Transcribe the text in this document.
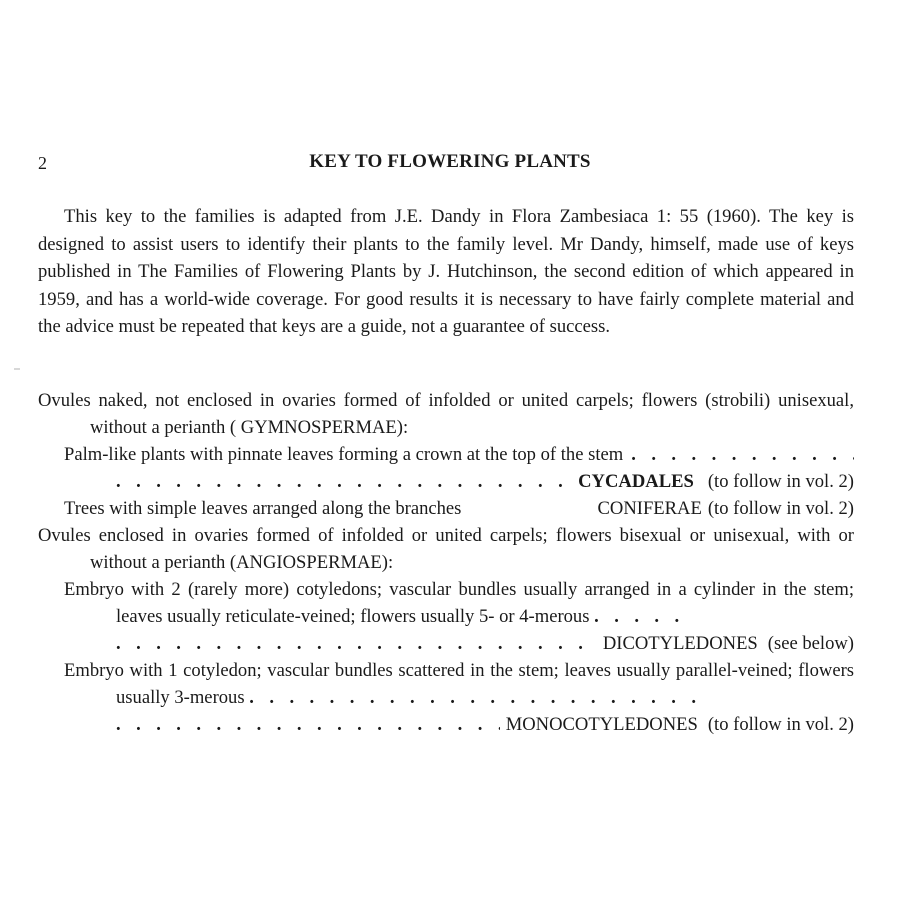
2	KEY TO FLOWERING PLANTS

This key to the families is adapted from J.E. Dandy in Flora Zambesiaca 1: 55 (1960). The key is designed to assist users to identify their plants to the family level. Mr Dandy, himself, made use of keys published in The Families of Flowering Plants by J. Hutchinson, the second edition of which appeared in 1959, and has a world-wide coverage. For good results it is necessary to have fairly complete material and the advice must be repeated that keys are a guide, not a guarantee of success.

Ovules naked, not enclosed in ovaries formed of infolded or united carpels; flowers (strobili) unisexual, without a perianth ( GYMNOSPERMAE):

Palm-like plants with pinnate leaves forming a crown at the top of the stem
. . .
. . .
CYCADALES (to follow in vol. 2)
Trees with simple leaves arranged along the branches	CONIFERAE (to follow in vol. 2)

Ovules enclosed in ovaries formed of infolded or united carpels; flowers bisexual or unisexual, with or without a perianth (ANGIOSPERMAE):

Embryo with 2 (rarely more) cotyledons; vascular bundles usually arranged in a cylinder in the stem; leaves usually reticulate-veined; flowers usually 5- or 4-merous . . . . .

. . .
DICOTYLEDONES (see below)

Embryo with 1 cotyledon; vascular bundles scattered in the stem; leaves usually parallel-veined; flowers usually 3-merous . . . . . . . . . . . . . . . . . . . . . . .

. . .
MONOCOTYLEDONES (to follow in vol. 2)
